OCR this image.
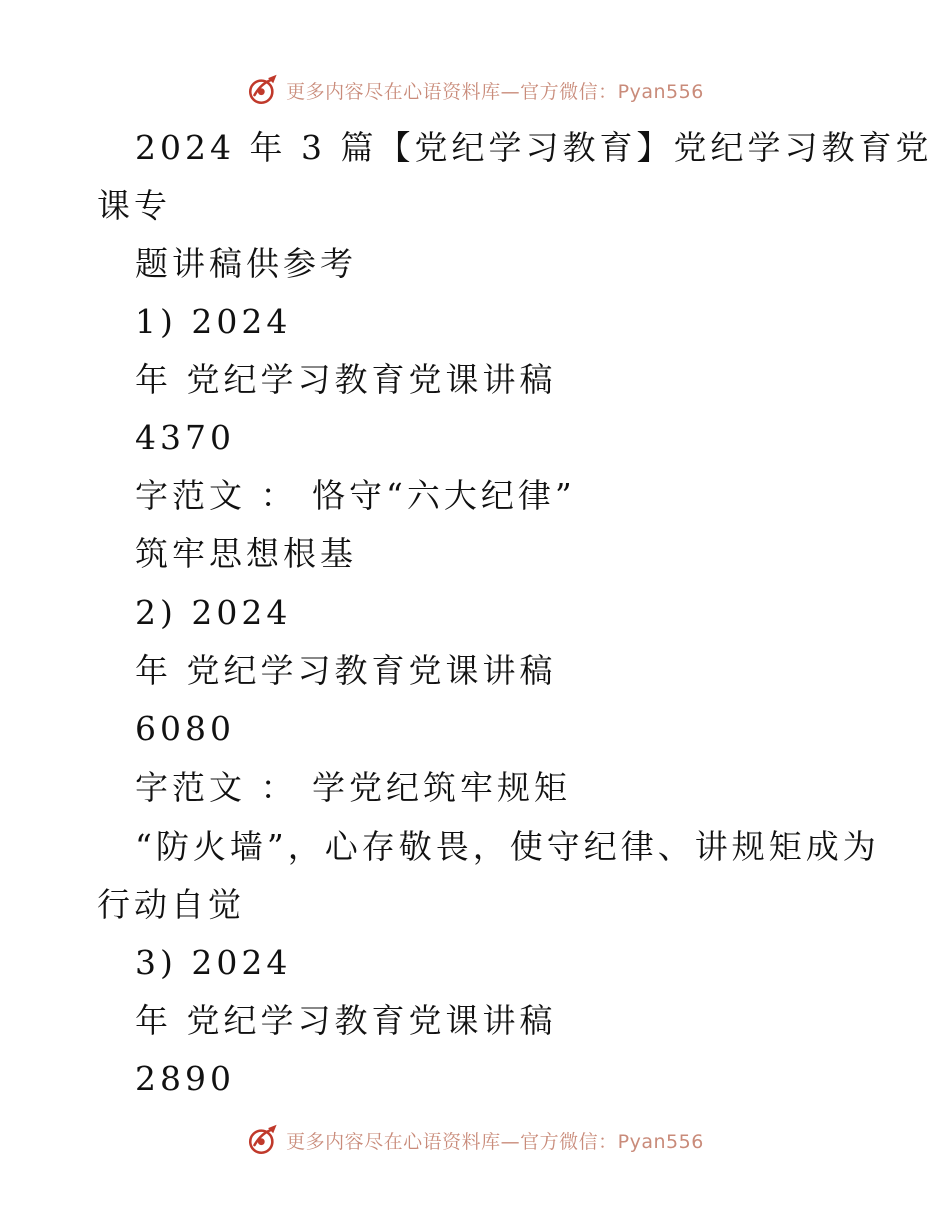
更多内容尽在心语资料库—官方微信：Pyan556
2024 年 3 篇【党纪学习教育】党纪学习教育党
课专
题讲稿供参考
1) 2024
年 党纪学习教育党课讲稿
4370
字范文 ： 恪守“六大纪律”
筑牢思想根基
2) 2024
年 党纪学习教育党课讲稿
6080
字范文 ： 学党纪筑牢规矩
“防火墙”，心存敬畏，使守纪律、讲规矩成为
行动自觉
3) 2024
年 党纪学习教育党课讲稿
2890
更多内容尽在心语资料库—官方微信：Pyan556
